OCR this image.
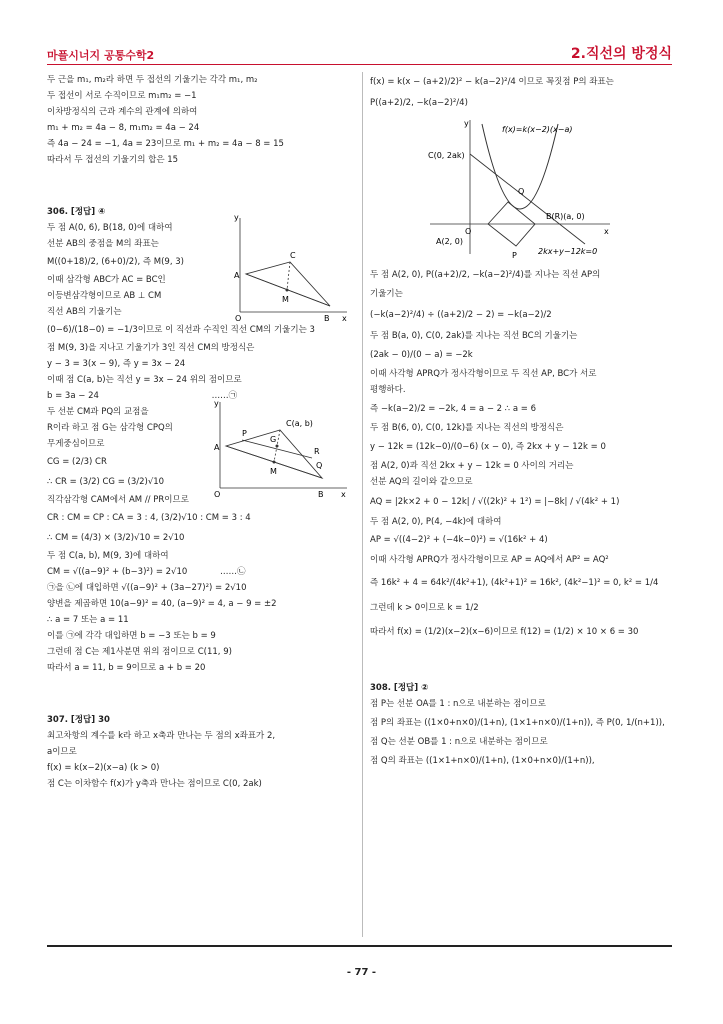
마플시너지 공통수학2	2.직선의 방정식

두 근을 m₁, m₂라 하면 두 접선의 기울기는 각각 m₁, m₂

두 접선이 서로 수직이므로 m₁m₂ = −1

이차방정식의 근과 계수의 관계에 의하여

m₁ + m₂ = 4a − 8, m₁m₂ = 4a − 24

즉 4a − 24 = −1, 4a = 23이므로 m₁ + m₂ = 4a − 8 = 15

따라서 두 접선의 기울기의 합은 15

306. [정답] ④

두 점 A(0, 6), B(18, 0)에 대하여

선분 AB의 중점을 M의 좌표는

M((0+18)/2, (6+0)/2), 즉 M(9, 3)

이때 삼각형 ABC가 AC = BC인

이등변삼각형이므로 AB ⊥ CM

y
A
C
M
O	B x

직선 AB의 기울기는

(0−6)/(18−0) = −1/3이므로 이 직선과 수직인 직선 CM의 기울기는 3

점 M(9, 3)을 지나고 기울기가 3인 직선 CM의 방정식은

y − 3 = 3(x − 9), 즉 y = 3x − 24

이때 점 C(a, b)는 직선 y = 3x − 24 위의 점이므로

b = 3a − 24	……㉠

두 선분 CM과 PQ의 교점을

R이라 하고 점 G는 삼각형 CPQ의

무게중심이므로

CG = (2/3) CR

∴ CR = (3/2) CG = (3/2)√10

y
C(a, b)
P
G
A	R
Q
M
O	B x

직각삼각형 CAM에서 AM // PR이므로

CR : CM = CP : CA = 3 : 4, (3/2)√10 : CM = 3 : 4

∴ CM = (4/3) × (3/2)√10 = 2√10

두 점 C(a, b), M(9, 3)에 대하여

CM = √((a−9)² + (b−3)²) = 2√10	……㉡

㉠을 ㉡에 대입하면 √((a−9)² + (3a−27)²) = 2√10

양변을 제곱하면 10(a−9)² = 40, (a−9)² = 4, a − 9 = ±2

∴ a = 7 또는 a = 11

이를 ㉠에 각각 대입하면 b = −3 또는 b = 9

그런데 점 C는 제1사분면 위의 점이므로 C(11, 9)

따라서 a = 11, b = 9이므로 a + b = 20

307. [정답] 30

최고차항의 계수를 k라 하고 x축과 만나는 두 점의 x좌표가 2,

a이므로

f(x) = k(x−2)(x−a) (k > 0)

점 C는 이차함수 f(x)가 y축과 만나는 점이므로 C(0, 2ak)

f(x) = k(x − (a+2)/2)² − k(a−2)²/4 이므로 꼭짓점 P의 좌표는

P((a+2)/2, −k(a−2)²/4)

y
f(x)=k(x−2)(x−a)
C(0, 2ak)
Q
B(R)(a, 0)
O	x
A(2, 0)
P	2kx+y−12k=0

두 점 A(2, 0), P((a+2)/2, −k(a−2)²/4)를 지나는 직선 AP의

기울기는

(−k(a−2)²/4) ÷ ((a+2)/2 − 2) = −k(a−2)/2

두 점 B(a, 0), C(0, 2ak)를 지나는 직선 BC의 기울기는

(2ak − 0)/(0 − a) = −2k

이때 사각형 APRQ가 정사각형이므로 두 직선 AP, BC가 서로

평행하다.

즉 −k(a−2)/2 = −2k, 4 = a − 2 ∴ a = 6

두 점 B(6, 0), C(0, 12k)를 지나는 직선의 방정식은

y − 12k = (12k−0)/(0−6) (x − 0), 즉 2kx + y − 12k = 0

점 A(2, 0)과 직선 2kx + y − 12k = 0 사이의 거리는

선분 AQ의 길이와 같으므로

AQ = |2k×2 + 0 − 12k| / √((2k)² + 1²) = |−8k| / √(4k² + 1)

두 점 A(2, 0), P(4, −4k)에 대하여

AP = √((4−2)² + (−4k−0)²) = √(16k² + 4)

이때 사각형 APRQ가 정사각형이므로 AP = AQ에서 AP² = AQ²

즉 16k² + 4 = 64k²/(4k²+1), (4k²+1)² = 16k², (4k²−1)² = 0, k² = 1/4

그런데 k > 0이므로 k = 1/2

따라서 f(x) = (1/2)(x−2)(x−6)이므로 f(12) = (1/2) × 10 × 6 = 30

308. [정답] ②

점 P는 선분 OA를 1 : n으로 내분하는 점이므로

점 P의 좌표는 ((1×0+n×0)/(1+n), (1×1+n×0)/(1+n)), 즉 P(0, 1/(n+1)),

점 Q는 선분 OB를 1 : n으로 내분하는 점이므로

점 Q의 좌표는 ((1×1+n×0)/(1+n), (1×0+n×0)/(1+n)),

- 77 -
